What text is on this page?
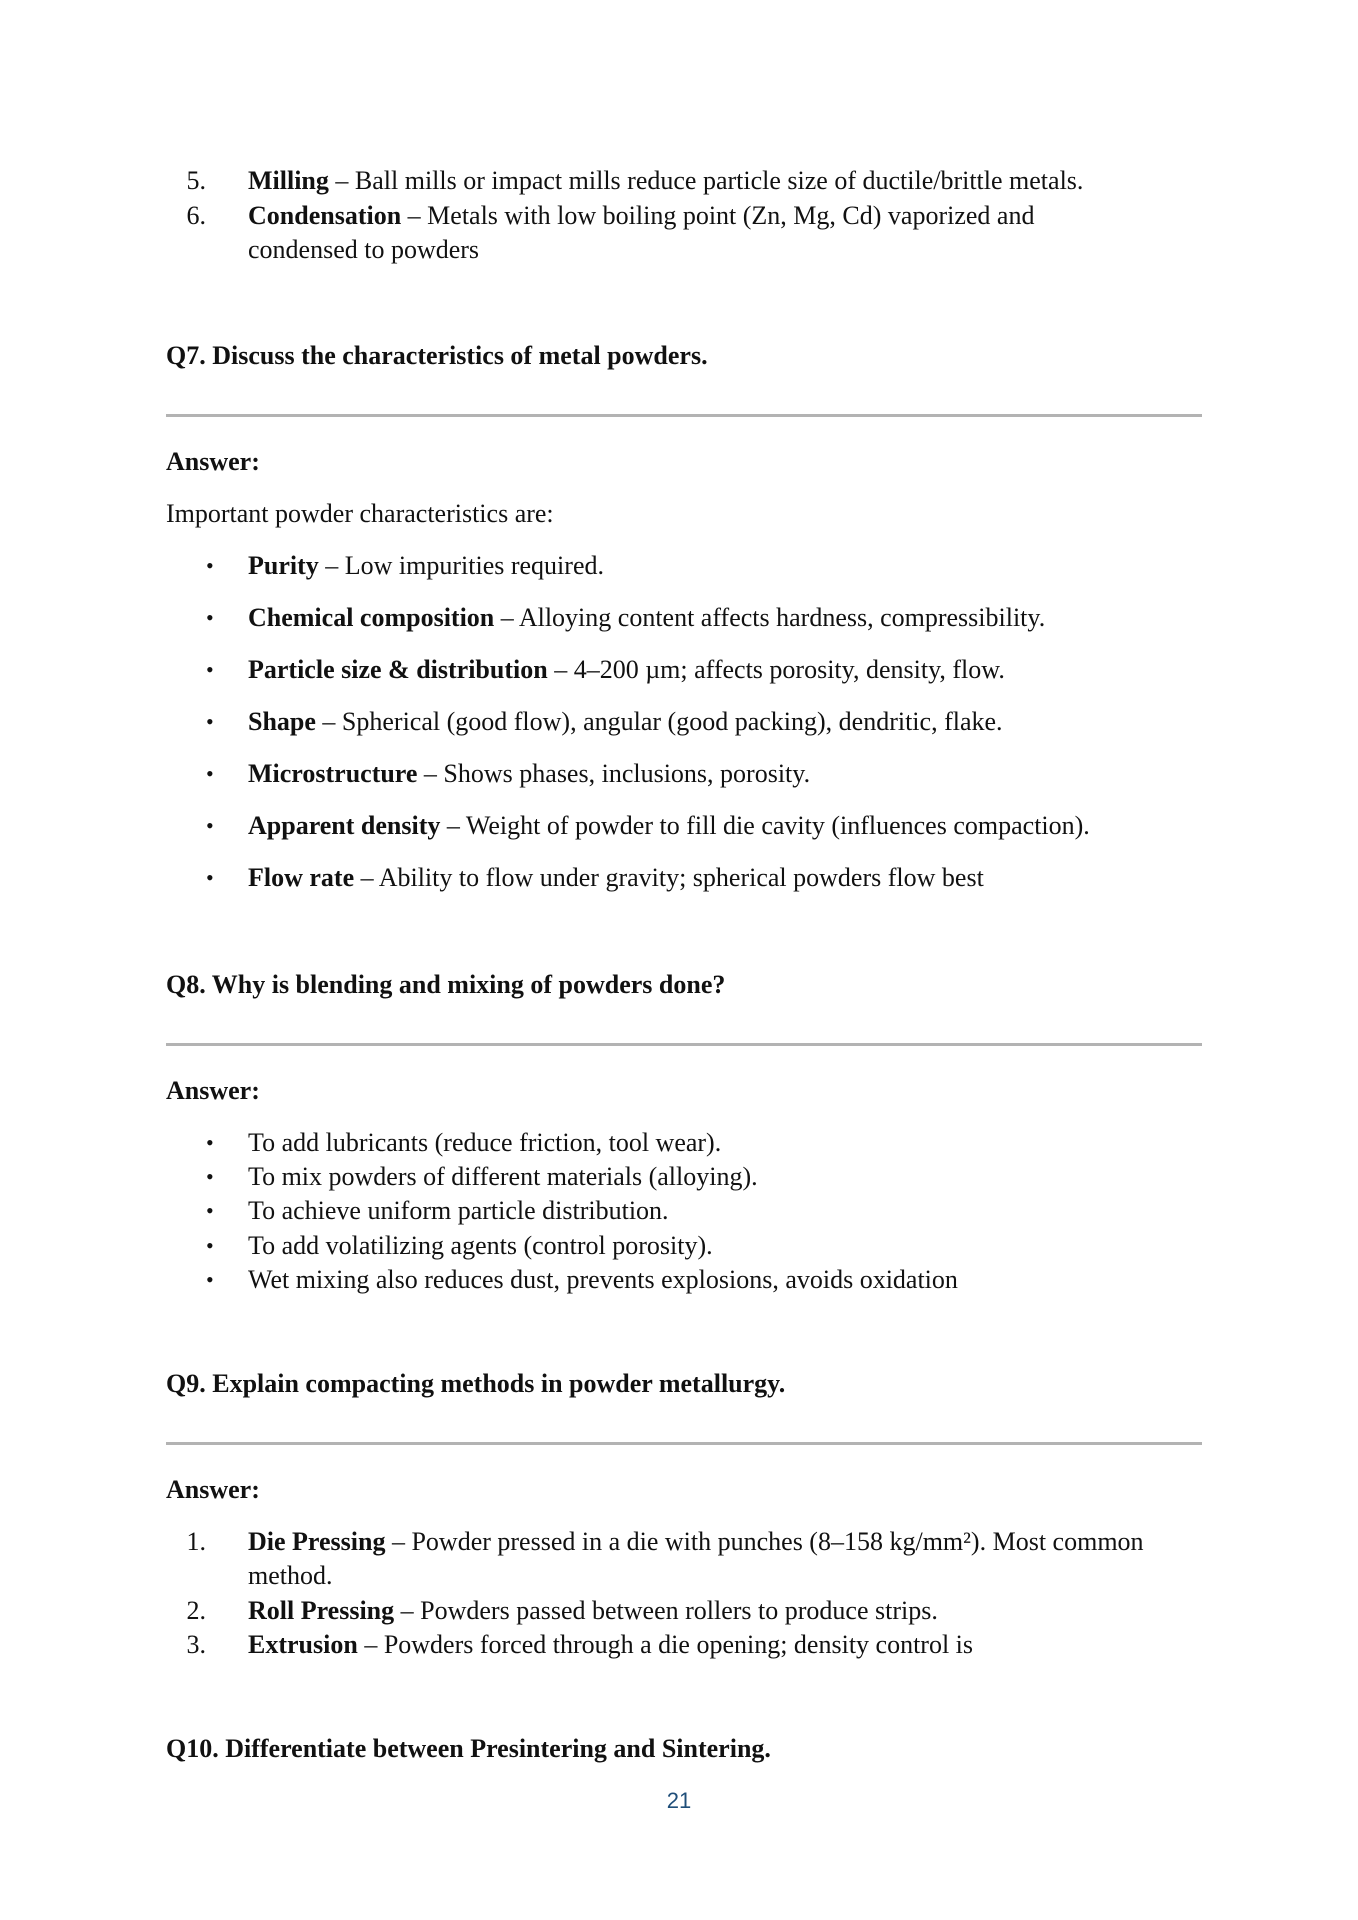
5. Milling – Ball mills or impact mills reduce particle size of ductile/brittle metals.
6. Condensation – Metals with low boiling point (Zn, Mg, Cd) vaporized and
condensed to powders
Q7. Discuss the characteristics of metal powders.
Answer:
Important powder characteristics are:
• Purity – Low impurities required.
• Chemical composition – Alloying content affects hardness, compressibility.
• Particle size & distribution – 4–200 µm; affects porosity, density, flow.
• Shape – Spherical (good flow), angular (good packing), dendritic, flake.
• Microstructure – Shows phases, inclusions, porosity.
• Apparent density – Weight of powder to fill die cavity (influences compaction).
• Flow rate – Ability to flow under gravity; spherical powders flow best
Q8. Why is blending and mixing of powders done?
Answer:
• To add lubricants (reduce friction, tool wear).
• To mix powders of different materials (alloying).
• To achieve uniform particle distribution.
• To add volatilizing agents (control porosity).
• Wet mixing also reduces dust, prevents explosions, avoids oxidation
Q9. Explain compacting methods in powder metallurgy.
Answer:
1. Die Pressing – Powder pressed in a die with punches (8–158 kg/mm²). Most common
method.
2. Roll Pressing – Powders passed between rollers to produce strips.
3. Extrusion – Powders forced through a die opening; density control is
Q10. Differentiate between Presintering and Sintering.
21
